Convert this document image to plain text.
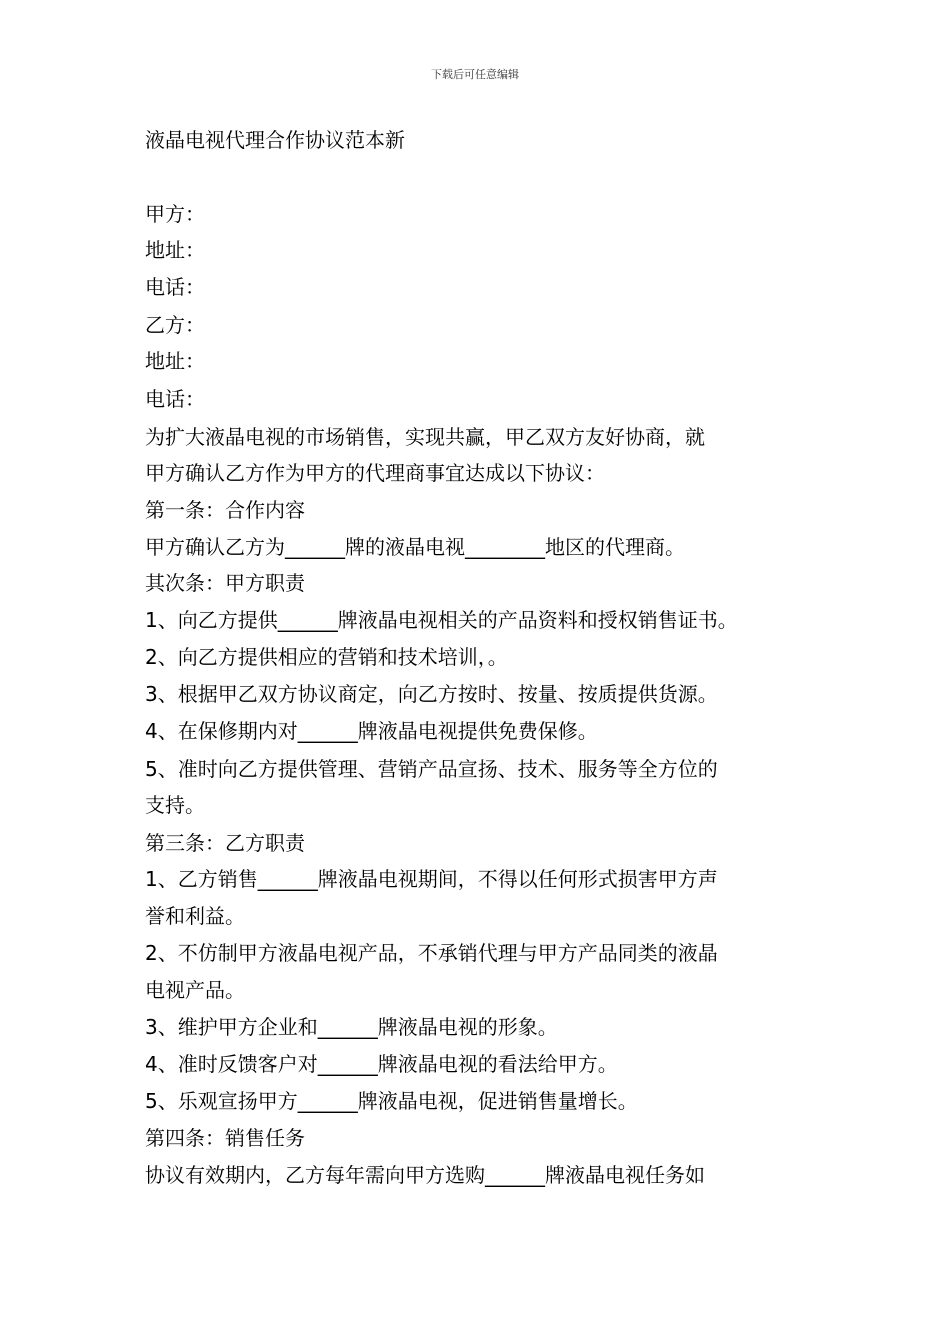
下载后可任意编辑
液晶电视代理合作协议范本新
甲方：
地址：
电话：
乙方：
地址：
电话：
为扩大液晶电视的市场销售，实现共赢，甲乙双方友好协商，就
甲方确认乙方作为甲方的代理商事宜达成以下协议：
第一条：合作内容
甲方确认乙方为______牌的液晶电视________地区的代理商。
其次条：甲方职责
1、向乙方提供______牌液晶电视相关的产品资料和授权销售证书。
2、向乙方提供相应的营销和技术培训，。
3、根据甲乙双方协议商定，向乙方按时、按量、按质提供货源。
4、在保修期内对______牌液晶电视提供免费保修。
5、准时向乙方提供管理、营销产品宣扬、技术、服务等全方位的
支持。
第三条：乙方职责
1、乙方销售______牌液晶电视期间，不得以任何形式损害甲方声
誉和利益。
2、不仿制甲方液晶电视产品，不承销代理与甲方产品同类的液晶
电视产品。
3、维护甲方企业和______牌液晶电视的形象。
4、准时反馈客户对______牌液晶电视的看法给甲方。
5、乐观宣扬甲方______牌液晶电视，促进销售量增长。
第四条：销售任务
协议有效期内，乙方每年需向甲方选购______牌液晶电视任务如
